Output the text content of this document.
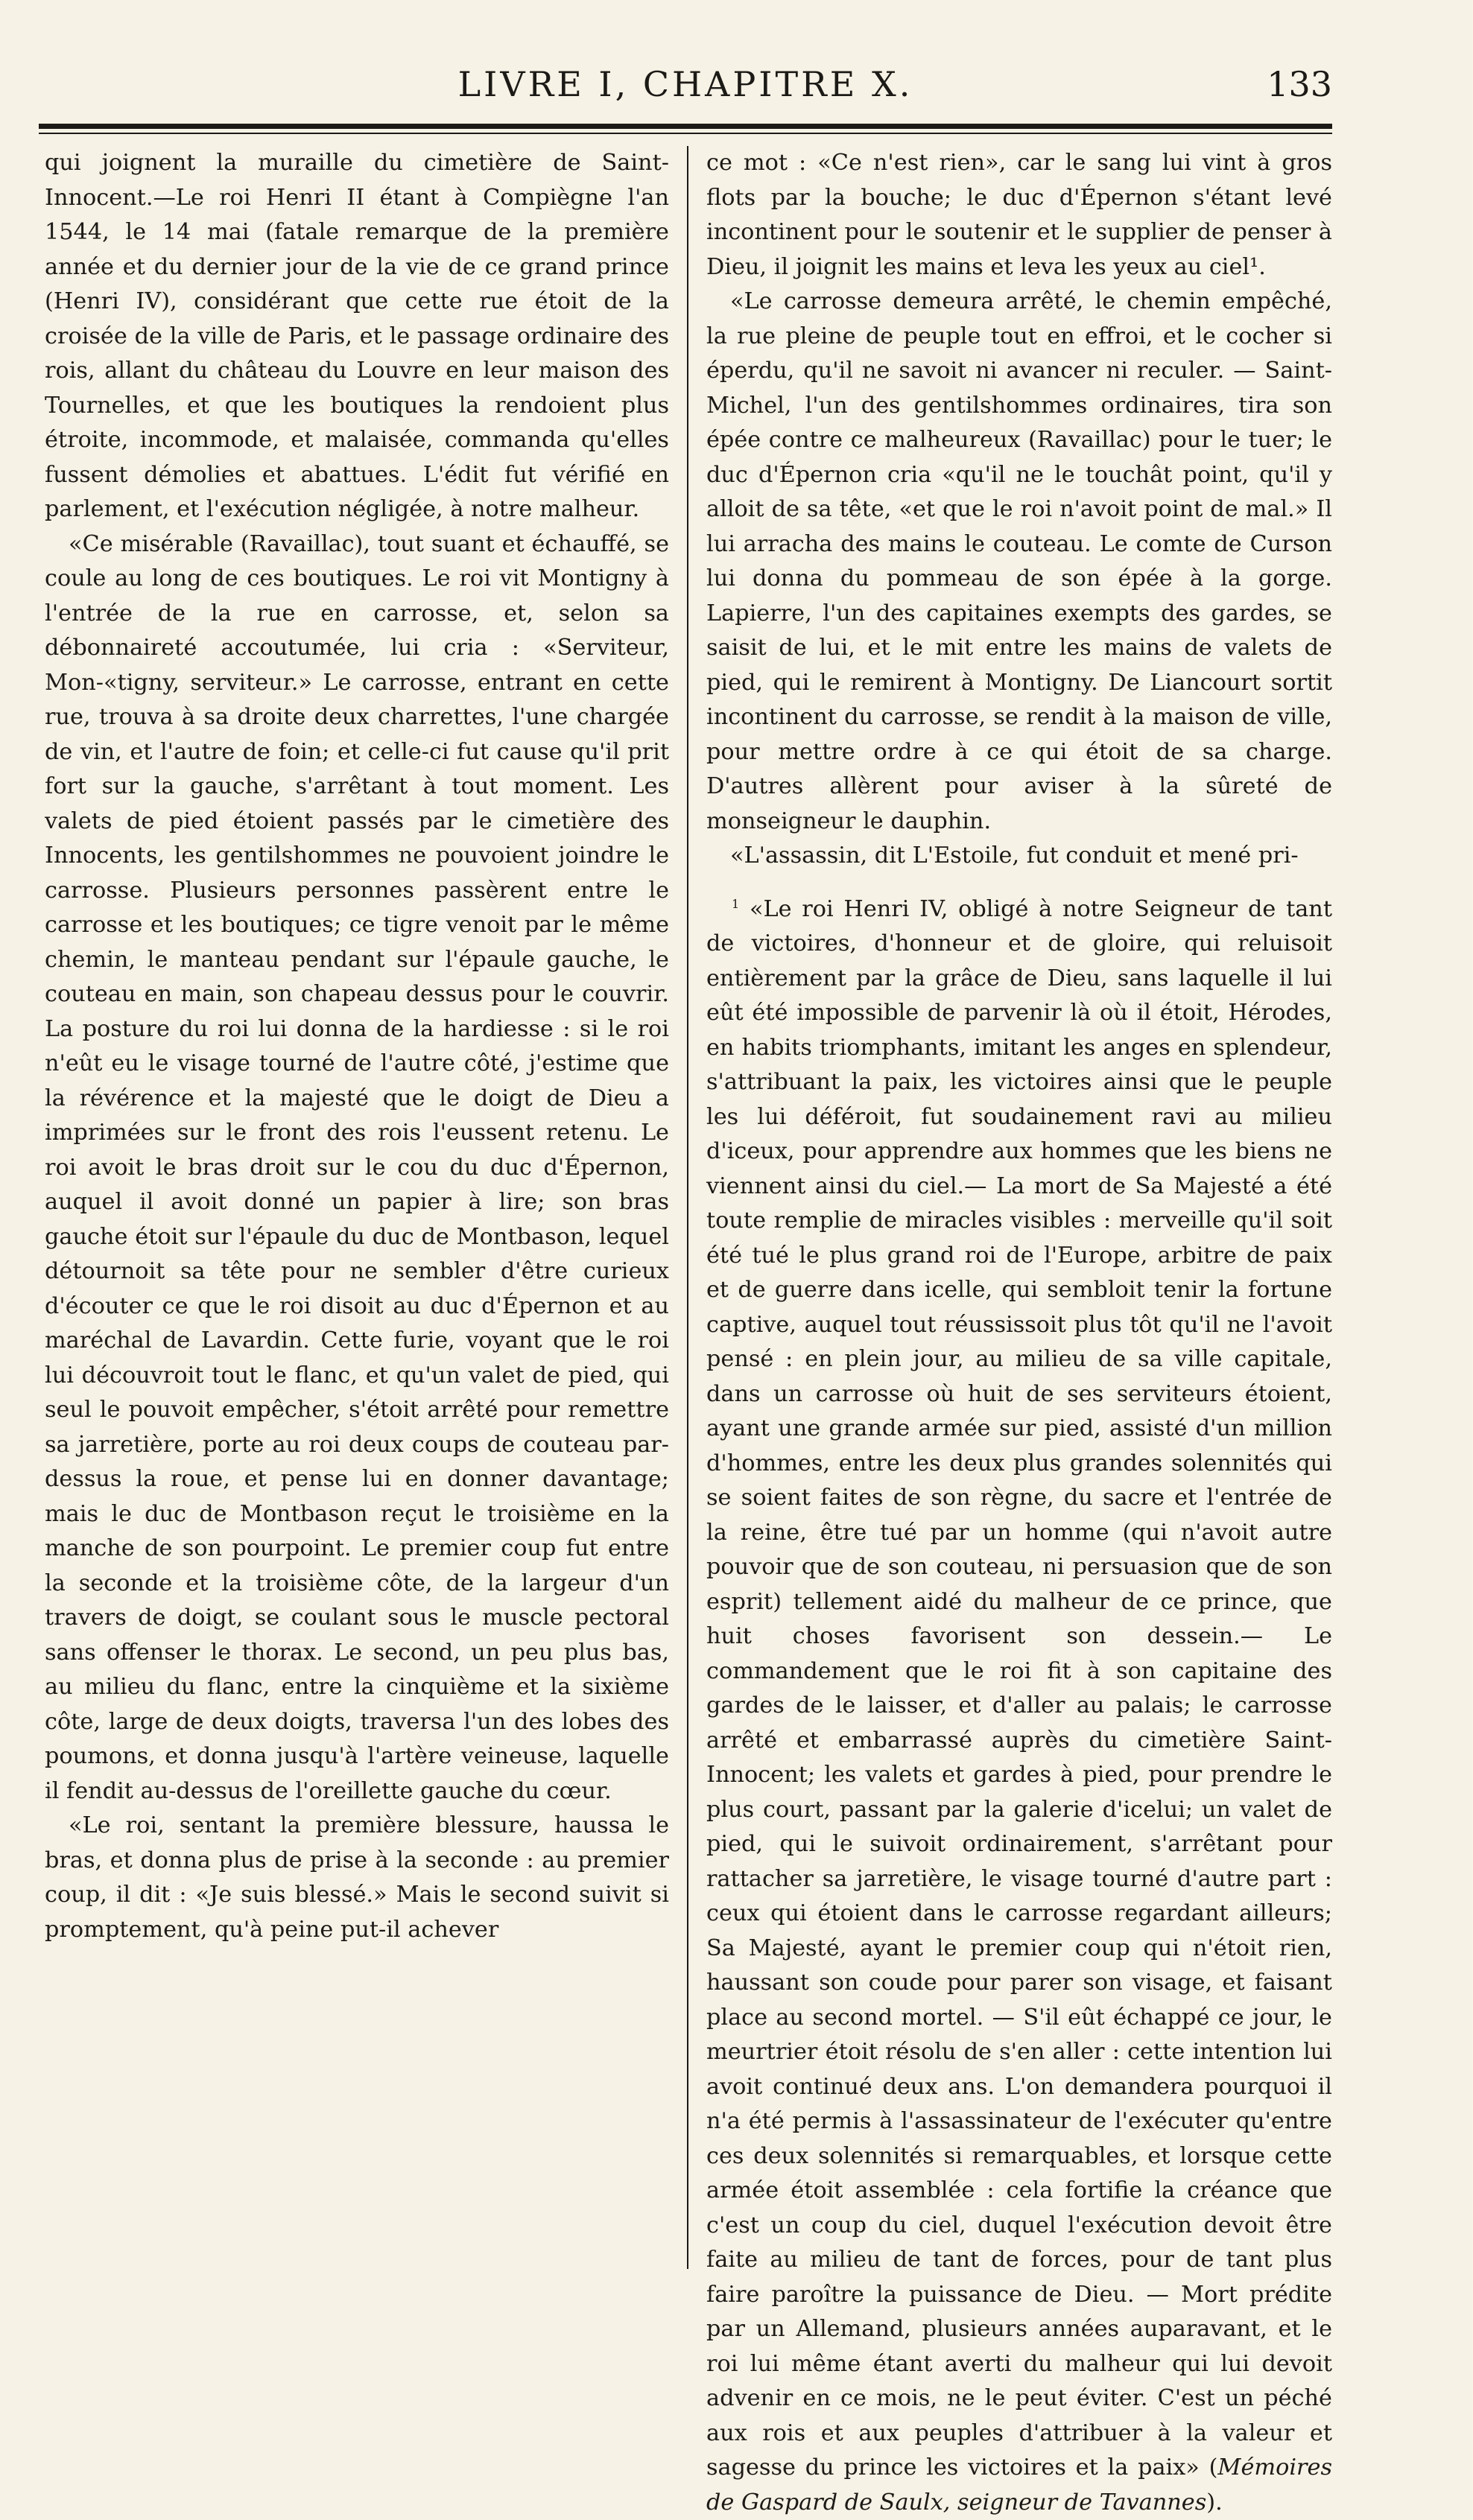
LIVRE I, CHAPITRE X.	133

qui joignent la muraille du cimetière de Saint-Innocent.—Le roi Henri II étant à Compiègne l'an 1544, le 14 mai (fatale remarque de la première année et du dernier jour de la vie de ce grand prince (Henri IV), considérant que cette rue étoit de la croisée de la ville de Paris, et le passage ordinaire des rois, allant du château du Louvre en leur maison des Tournelles, et que les boutiques la rendoient plus étroite, incommode, et malaisée, commanda qu'elles fussent démolies et abattues. L'édit fut vérifié en parlement, et l'exécution négligée, à notre malheur.

«Ce misérable (Ravaillac), tout suant et échauffé, se coule au long de ces boutiques. Le roi vit Montigny à l'entrée de la rue en carrosse, et, selon sa débonnaireté accoutumée, lui cria : «Serviteur, Mon-«tigny, serviteur.» Le carrosse, entrant en cette rue, trouva à sa droite deux charrettes, l'une chargée de vin, et l'autre de foin; et celle-ci fut cause qu'il prit fort sur la gauche, s'arrêtant à tout moment. Les valets de pied étoient passés par le cimetière des Innocents, les gentilshommes ne pouvoient joindre le carrosse. Plusieurs personnes passèrent entre le carrosse et les boutiques; ce tigre venoit par le même chemin, le manteau pendant sur l'épaule gauche, le couteau en main, son chapeau dessus pour le couvrir. La posture du roi lui donna de la hardiesse : si le roi n'eût eu le visage tourné de l'autre côté, j'estime que la révérence et la majesté que le doigt de Dieu a imprimées sur le front des rois l'eussent retenu. Le roi avoit le bras droit sur le cou du duc d'Épernon, auquel il avoit donné un papier à lire; son bras gauche étoit sur l'épaule du duc de Montbason, lequel détournoit sa tête pour ne sembler d'être curieux d'écouter ce que le roi disoit au duc d'Épernon et au maréchal de Lavardin. Cette furie, voyant que le roi lui découvroit tout le flanc, et qu'un valet de pied, qui seul le pouvoit empêcher, s'étoit arrêté pour remettre sa jarretière, porte au roi deux coups de couteau par-dessus la roue, et pense lui en donner davantage; mais le duc de Montbason reçut le troisième en la manche de son pourpoint. Le premier coup fut entre la seconde et la troisième côte, de la largeur d'un travers de doigt, se coulant sous le muscle pectoral sans offenser le thorax. Le second, un peu plus bas, au milieu du flanc, entre la cinquième et la sixième côte, large de deux doigts, traversa l'un des lobes des poumons, et donna jusqu'à l'artère veineuse, laquelle il fendit au-dessus de l'oreillette gauche du cœur.

«Le roi, sentant la première blessure, haussa le bras, et donna plus de prise à la seconde : au premier coup, il dit : «Je suis blessé.» Mais le second suivit si promptement, qu'à peine put-il achever

ce mot : «Ce n'est rien», car le sang lui vint à gros flots par la bouche; le duc d'Épernon s'étant levé incontinent pour le soutenir et le supplier de penser à Dieu, il joignit les mains et leva les yeux au ciel¹.

«Le carrosse demeura arrêté, le chemin empêché, la rue pleine de peuple tout en effroi, et le cocher si éperdu, qu'il ne savoit ni avancer ni reculer. — Saint-Michel, l'un des gentilshommes ordinaires, tira son épée contre ce malheureux (Ravaillac) pour le tuer; le duc d'Épernon cria «qu'il ne le touchât point, qu'il y alloit de sa tête, «et que le roi n'avoit point de mal.» Il lui arracha des mains le couteau. Le comte de Curson lui donna du pommeau de son épée à la gorge. Lapierre, l'un des capitaines exempts des gardes, se saisit de lui, et le mit entre les mains de valets de pied, qui le remirent à Montigny. De Liancourt sortit incontinent du carrosse, se rendit à la maison de ville, pour mettre ordre à ce qui étoit de sa charge. D'autres allèrent pour aviser à la sûreté de monseigneur le dauphin.

«L'assassin, dit L'Estoile, fut conduit et mené pri-

$^1$ «Le roi Henri IV, obligé à notre Seigneur de tant de victoires, d'honneur et de gloire, qui reluisoit entièrement par la grâce de Dieu, sans laquelle il lui eût été impossible de parvenir là où il étoit, Hérodes, en habits triomphants, imitant les anges en splendeur, s'attribuant la paix, les victoires ainsi que le peuple les lui déféroit, fut soudainement ravi au milieu d'iceux, pour apprendre aux hommes que les biens ne viennent ainsi du ciel.— La mort de Sa Majesté a été toute remplie de miracles visibles : merveille qu'il soit été tué le plus grand roi de l'Europe, arbitre de paix et de guerre dans icelle, qui sembloit tenir la fortune captive, auquel tout réussissoit plus tôt qu'il ne l'avoit pensé : en plein jour, au milieu de sa ville capitale, dans un carrosse où huit de ses serviteurs étoient, ayant une grande armée sur pied, assisté d'un million d'hommes, entre les deux plus grandes solennités qui se soient faites de son règne, du sacre et l'entrée de la reine, être tué par un homme (qui n'avoit autre pouvoir que de son couteau, ni persuasion que de son esprit) tellement aidé du malheur de ce prince, que huit choses favorisent son dessein.— Le commandement que le roi fit à son capitaine des gardes de le laisser, et d'aller au palais; le carrosse arrêté et embarrassé auprès du cimetière Saint-Innocent; les valets et gardes à pied, pour prendre le plus court, passant par la galerie d'icelui; un valet de pied, qui le suivoit ordinairement, s'arrêtant pour rattacher sa jarretière, le visage tourné d'autre part : ceux qui étoient dans le carrosse regardant ailleurs; Sa Majesté, ayant le premier coup qui n'étoit rien, haussant son coude pour parer son visage, et faisant place au second mortel. — S'il eût échappé ce jour, le meurtrier étoit résolu de s'en aller : cette intention lui avoit continué deux ans. L'on demandera pourquoi il n'a été permis à l'assassinateur de l'exécuter qu'entre ces deux solennités si remarquables, et lorsque cette armée étoit assemblée : cela fortifie la créance que c'est un coup du ciel, duquel l'exécution devoit être faite au milieu de tant de forces, pour de tant plus faire paroître la puissance de Dieu. — Mort prédite par un Allemand, plusieurs années auparavant, et le roi lui même étant averti du malheur qui lui devoit advenir en ce mois, ne le peut éviter. C'est un péché aux rois et aux peuples d'attribuer à la valeur et sagesse du prince les victoires et la paix» (Mémoires de Gaspard de Saulx, seigneur de Tavannes).
